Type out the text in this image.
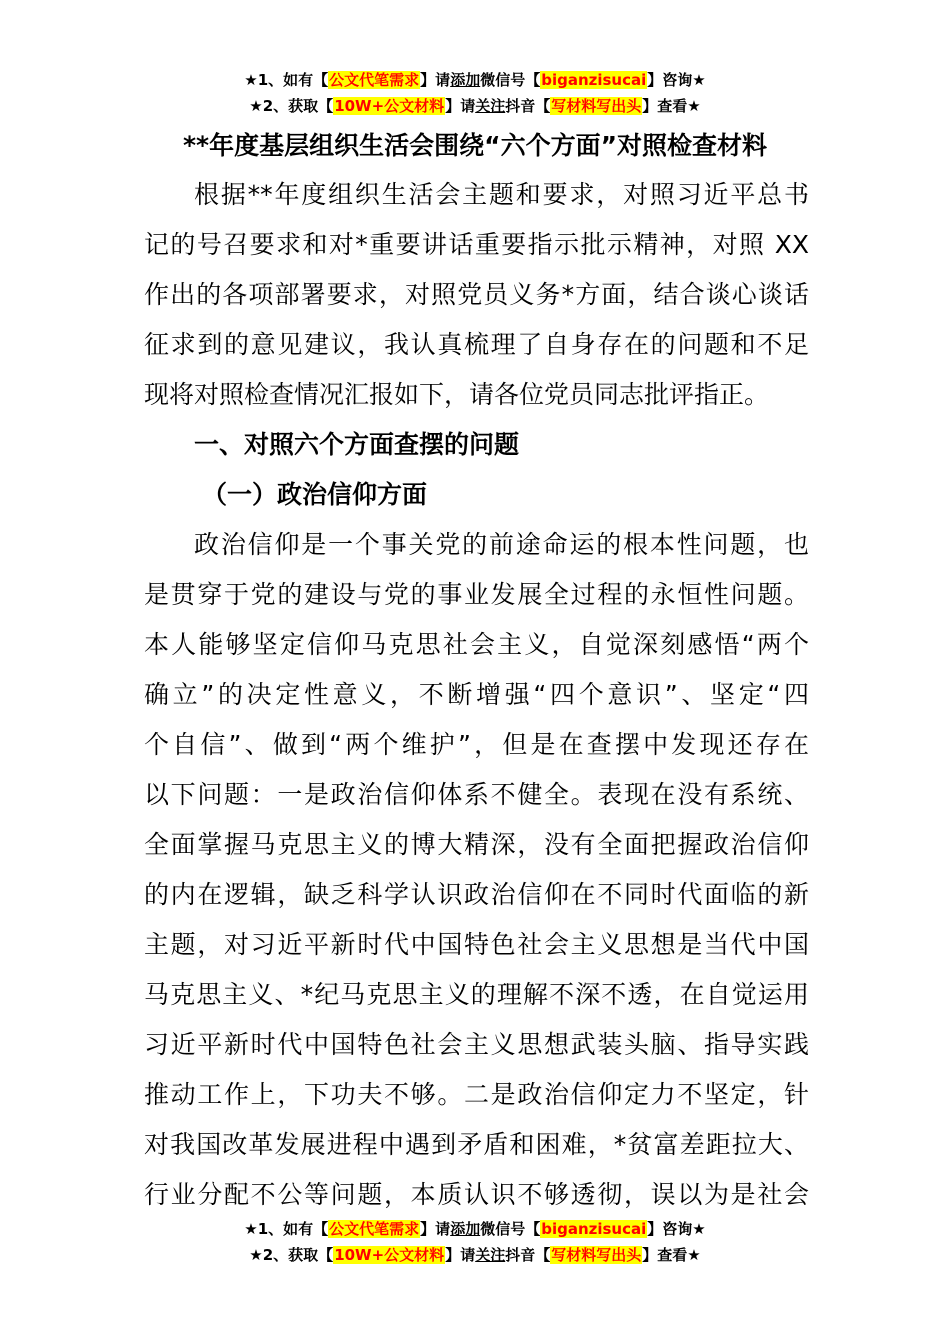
★1、如有【公文代笔需求】请添加微信号【biganzisucai】咨询★
★2、获取【10W+公文材料】请关注抖音【写材料写出头】查看★
**年度基层组织生活会围绕“六个方面”对照检查材料
根据**年度组织生活会主题和要求，对照习近平总书
记的号召要求和对*重要讲话重要指示批示精神，对照 XX
作出的各项部署要求，对照党员义务*方面，结合谈心谈话
征求到的意见建议，我认真梳理了自身存在的问题和不足
现将对照检查情况汇报如下，请各位党员同志批评指正。
一、对照六个方面查摆的问题
（一）政治信仰方面
政治信仰是一个事关党的前途命运的根本性问题，也
是贯穿于党的建设与党的事业发展全过程的永恒性问题。
本人能够坚定信仰马克思社会主义，自觉深刻感悟“两个
确立”的决定性意义，不断增强“四个意识”、坚定“四
个自信”、做到“两个维护”，但是在查摆中发现还存在
以下问题：一是政治信仰体系不健全。表现在没有系统、
全面掌握马克思主义的博大精深，没有全面把握政治信仰
的内在逻辑，缺乏科学认识政治信仰在不同时代面临的新
主题，对习近平新时代中国特色社会主义思想是当代中国
马克思主义、*纪马克思主义的理解不深不透，在自觉运用
习近平新时代中国特色社会主义思想武装头脑、指导实践
推动工作上，下功夫不够。二是政治信仰定力不坚定，针
对我国改革发展进程中遇到矛盾和困难，*贫富差距拉大、
行业分配不公等问题，本质认识不够透彻，误以为是社会
★1、如有【公文代笔需求】请添加微信号【biganzisucai】咨询★
★2、获取【10W+公文材料】请关注抖音【写材料写出头】查看★
